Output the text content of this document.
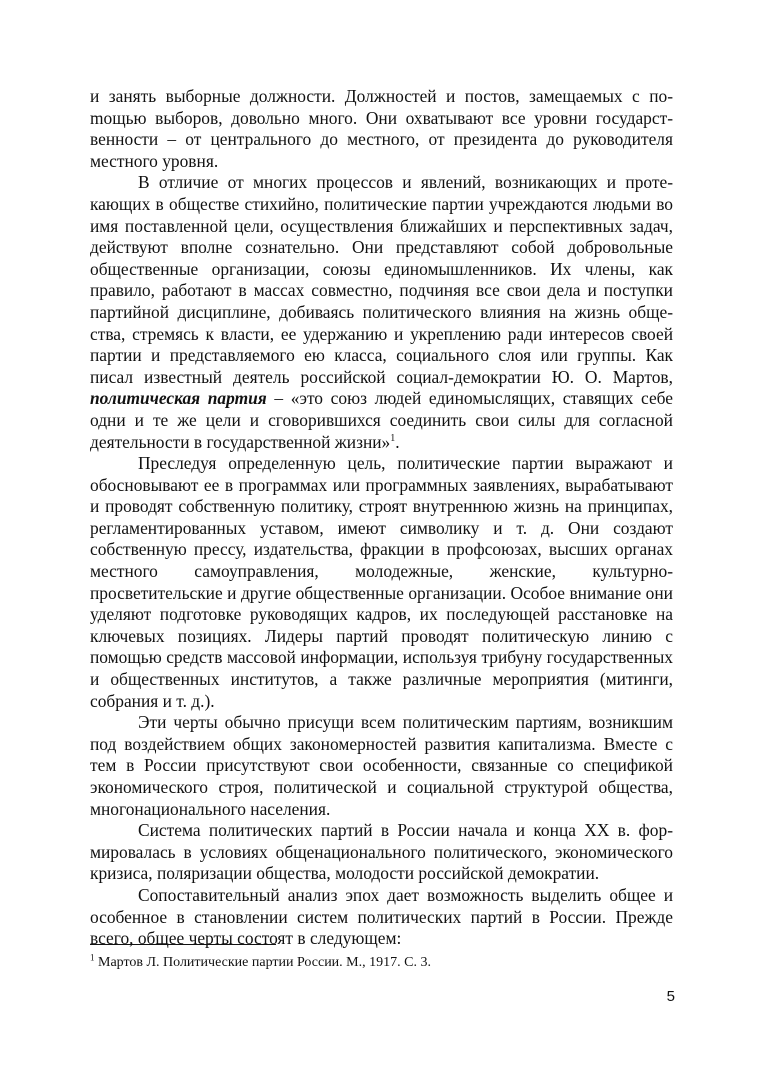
и занять выборные должности. Должностей и постов, замещаемых с поmощью выборов, довольно много. Они охватывают все уровни государственности – от центрального до местного, от президента до руководителя местного уровня.

В отличие от многих процессов и явлений, возникающих и протекающих в обществе стихийно, политические партии учреждаются людьми во имя поставленной цели, осуществления ближайших и перспективных задач, действуют вполне сознательно. Они представляют собой добровольные общественные организации, союзы единомышленников. Их члены, как правило, работают в массах совместно, подчиняя все свои дела и поступки партийной дисциплине, добиваясь политического влияния на жизнь общества, стремясь к власти, ее удержанию и укреплению ради интересов своей партии и представляемого ею класса, социального слоя или группы. Как писал известный деятель российской социал-демократии Ю. О. Мартов, политическая партия – «это союз людей единомыслящих, ставящих себе одни и те же цели и сговорившихся соединить свои силы для согласной деятельности в государственной жизни»$^1$.

Преследуя определенную цель, политические партии выражают и обосновывают ее в программах или программных заявлениях, вырабатывают и проводят собственную политику, строят внутреннюю жизнь на принципах, регламентированных уставом, имеют символику и т. д. Они создают собственную прессу, издательства, фракции в профсоюзах, высших органах местного самоуправления, молодежные, женские, культурно-просветительские и другие общественные организации. Особое внимание они уделяют подготовке руководящих кадров, их последующей расстановке на ключевых позициях. Лидеры партий проводят политическую линию с помощью средств массовой информации, используя трибуну государственных и общественных институтов, а также различные мероприятия (митинги, собрания и т. д.).

Эти черты обычно присущи всем политическим партиям, возникшим под воздействием общих закономерностей развития капитализма. Вместе с тем в России присутствуют свои особенности, связанные со спецификой экономического строя, политической и социальной структурой общества, многонационального населения.

Система политических партий в России начала и конца XX в. формировалась в условиях общенационального политического, экономического кризиса, поляризации общества, молодости российской демократии.

Сопоставительный анализ эпох дает возможность выделить общее и особенное в становлении систем политических партий в России. Прежде всего, общее черты состоят в следующем:

$^1$ Мартов Л. Политические партии России. М., 1917. С. 3.
5
